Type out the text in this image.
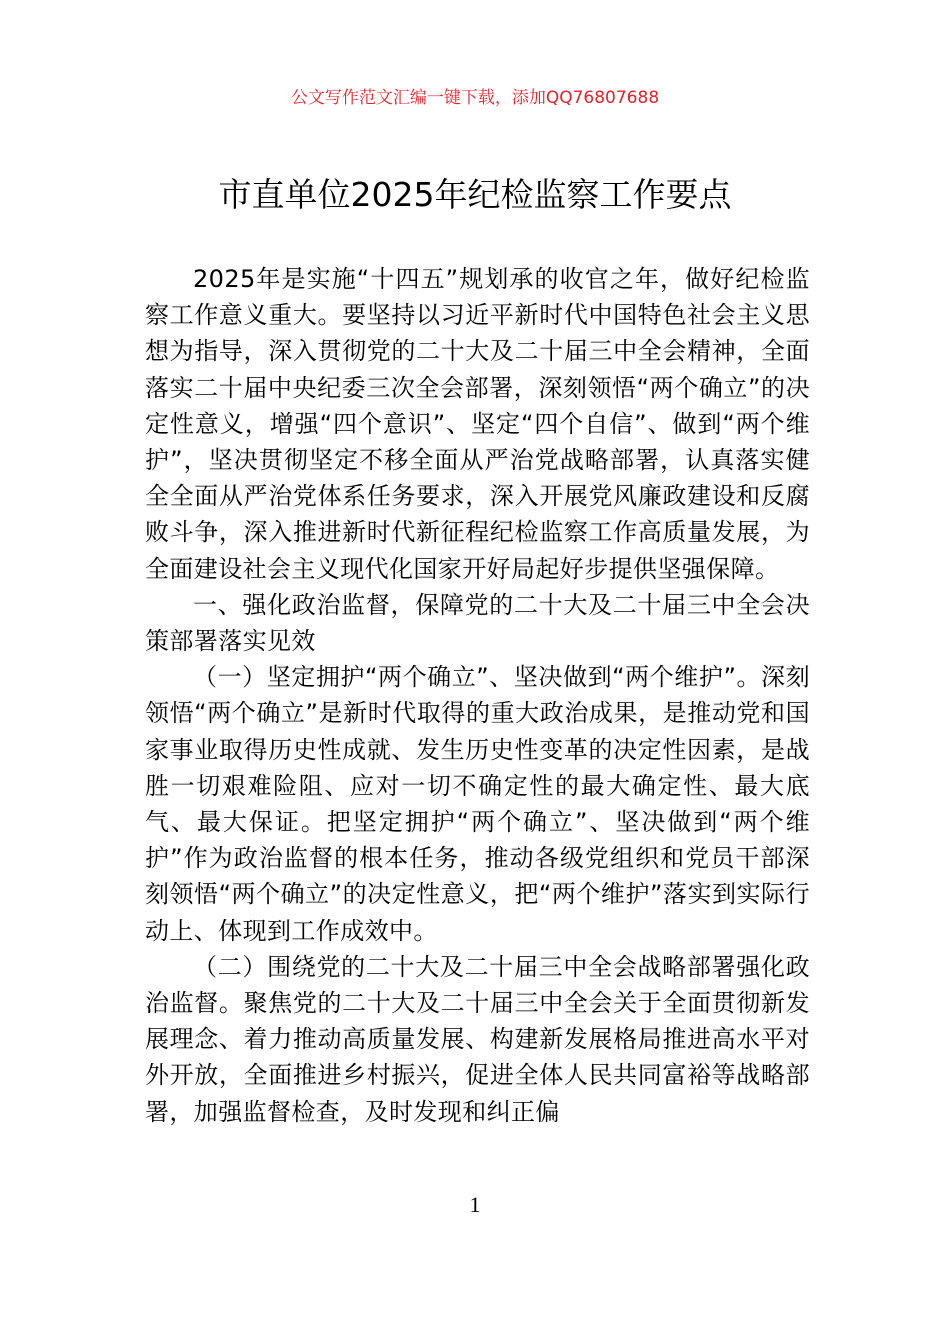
公文写作范文汇编一键下载，添加QQ76807688
市直单位2025年纪检监察工作要点

2025年是实施“十四五”规划承的收官之年，做好纪检监察工作意义重大。要坚持以习近平新时代中国特色社会主义思想为指导，深入贯彻党的二十大及二十届三中全会精神，全面落实二十届中央纪委三次全会部署，深刻领悟“两个确立”的决定性意义，增强“四个意识”、坚定“四个自信”、做到“两个维护”，坚决贯彻坚定不移全面从严治党战略部署，认真落实健全全面从严治党体系任务要求，深入开展党风廉政建设和反腐败斗争，深入推进新时代新征程纪检监察工作高质量发展，为全面建设社会主义现代化国家开好局起好步提供坚强保障。

一、强化政治监督，保障党的二十大及二十届三中全会决策部署落实见效

（一）坚定拥护“两个确立”、坚决做到“两个维护”。深刻领悟“两个确立”是新时代取得的重大政治成果，是推动党和国家事业取得历史性成就、发生历史性变革的决定性因素，是战胜一切艰难险阻、应对一切不确定性的最大确定性、最大底气、最大保证。把坚定拥护“两个确立”、坚决做到“两个维护”作为政治监督的根本任务，推动各级党组织和党员干部深刻领悟“两个确立”的决定性意义，把“两个维护”落实到实际行动上、体现到工作成效中。

（二）围绕党的二十大及二十届三中全会战略部署强化政治监督。聚焦党的二十大及二十届三中全会关于全面贯彻新发展理念、着力推动高质量发展、构建新发展格局推进高水平对外开放，全面推进乡村振兴，促进全体人民共同富裕等战略部署，加强监督检查，及时发现和纠正偏

1
